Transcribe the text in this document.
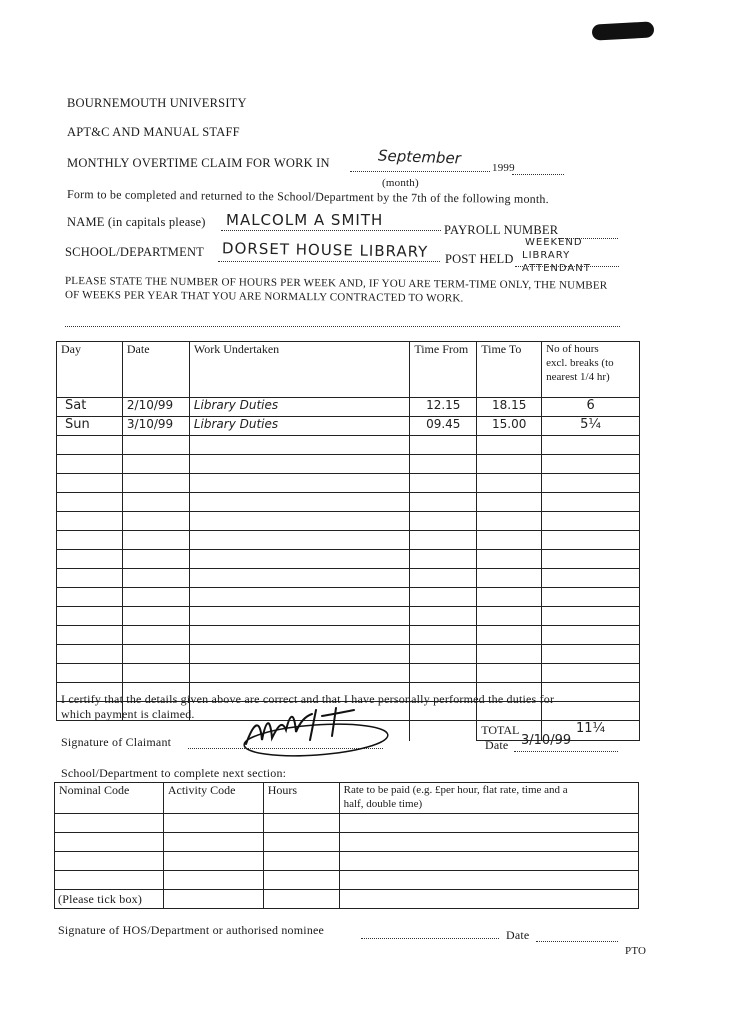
BOURNEMOUTH UNIVERSITY
APT&C AND MANUAL STAFF
MONTHLY OVERTIME CLAIM FOR WORK IN	September
1999
(month)
Form to be completed and returned to the School/Department by the 7th of the following month.
NAME (in capitals please) MALCOLM A SMITH
PAYROLL NUMBER
SCHOOL/DEPARTMENT DORSET HOUSE LIBRARY POST HELD
WEEKEND
LIBRARY
ATTENDANT
PLEASE STATE THE NUMBER OF HOURS PER WEEK AND, IF YOU ARE TERM-TIME ONLY, THE NUMBER
OF WEEKS PER YEAR THAT YOU ARE NORMALLY CONTRACTED TO WORK.
Day	Date	Work Undertaken	Time From	Time To	No of hours
excl. breaks (to
nearest 1/4 hr)

Sat	2/10/99	Library Duties	12.15	18.15	6
Sun	3/10/99	Library Duties	09.45	15.00	5¼

				TOTAL	11¼
I certify that the details given above are correct and that I have personally performed the duties for
which payment is claimed.
Signature of Claimant	Date 3/10/99
School/Department to complete next section:
Nominal Code	Activity Code	Hours	Rate to be paid (e.g. £per hour, flat rate, time and a
half, double time)

(Please tick box)
Signature of HOS/Department or authorised nominee	Date
PTO
